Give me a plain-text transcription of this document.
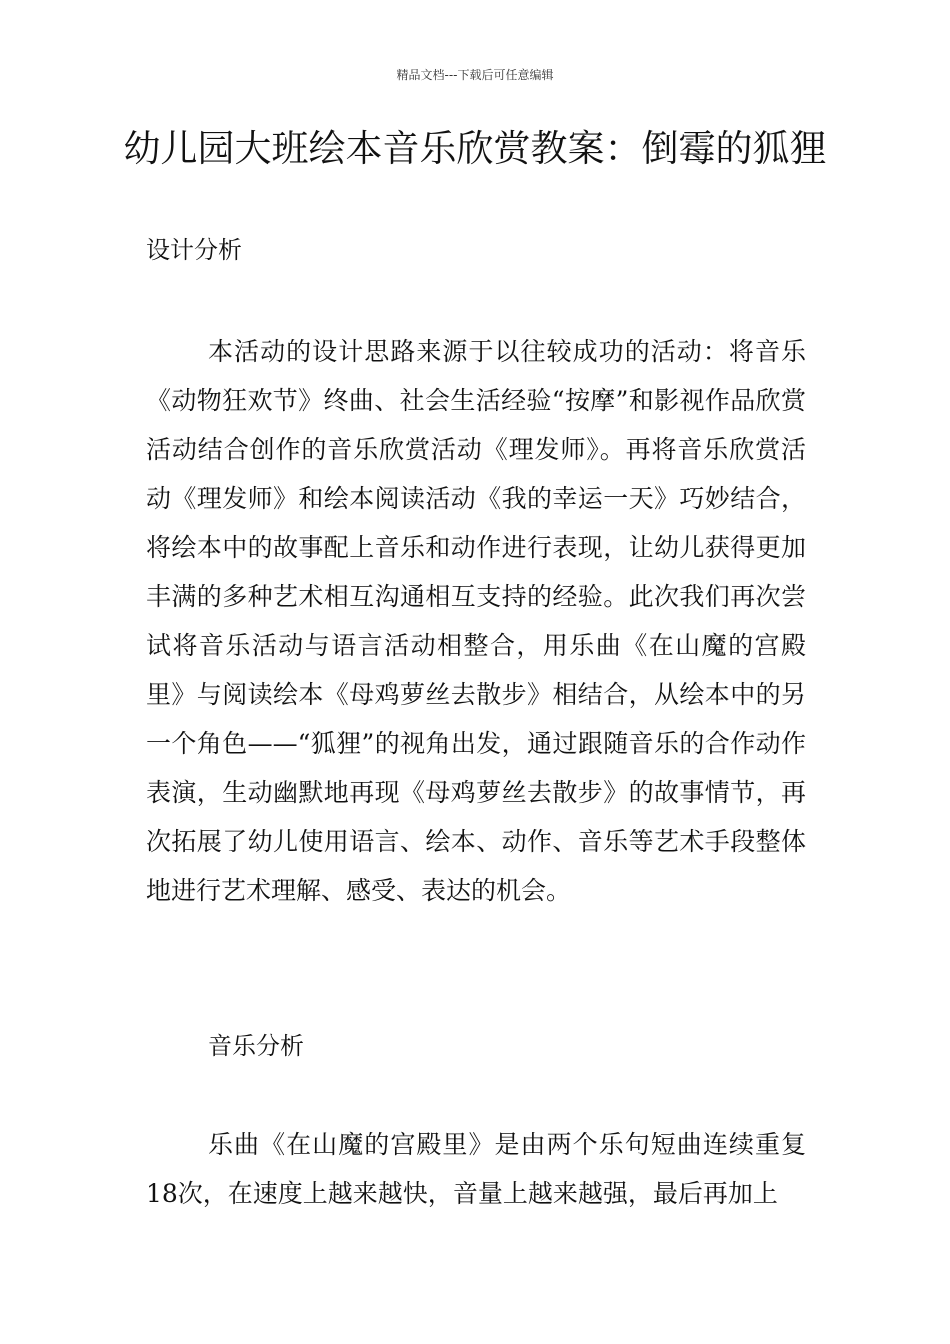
精品文档---下载后可任意编辑
幼儿园大班绘本音乐欣赏教案：倒霉的狐狸

设计分析

本活动的设计思路来源于以往较成功的活动：将音乐《动物狂欢节》终曲、社会生活经验“按摩”和影视作品欣赏活动结合创作的音乐欣赏活动《理发师》。再将音乐欣赏活动《理发师》和绘本阅读活动《我的幸运一天》巧妙结合，将绘本中的故事配上音乐和动作进行表现，让幼儿获得更加丰满的多种艺术相互沟通相互支持的经验。此次我们再次尝试将音乐活动与语言活动相整合，用乐曲《在山魔的宫殿里》与阅读绘本《母鸡萝丝去散步》相结合，从绘本中的另一个角色——“狐狸”的视角出发，通过跟随音乐的合作动作表演，生动幽默地再现《母鸡萝丝去散步》的故事情节，再次拓展了幼儿使用语言、绘本、动作、音乐等艺术手段整体地进行艺术理解、感受、表达的机会。

音乐分析

乐曲《在山魔的宫殿里》是由两个乐句短曲连续重复18次，在速度上越来越快，音量上越来越强，最后再加上
